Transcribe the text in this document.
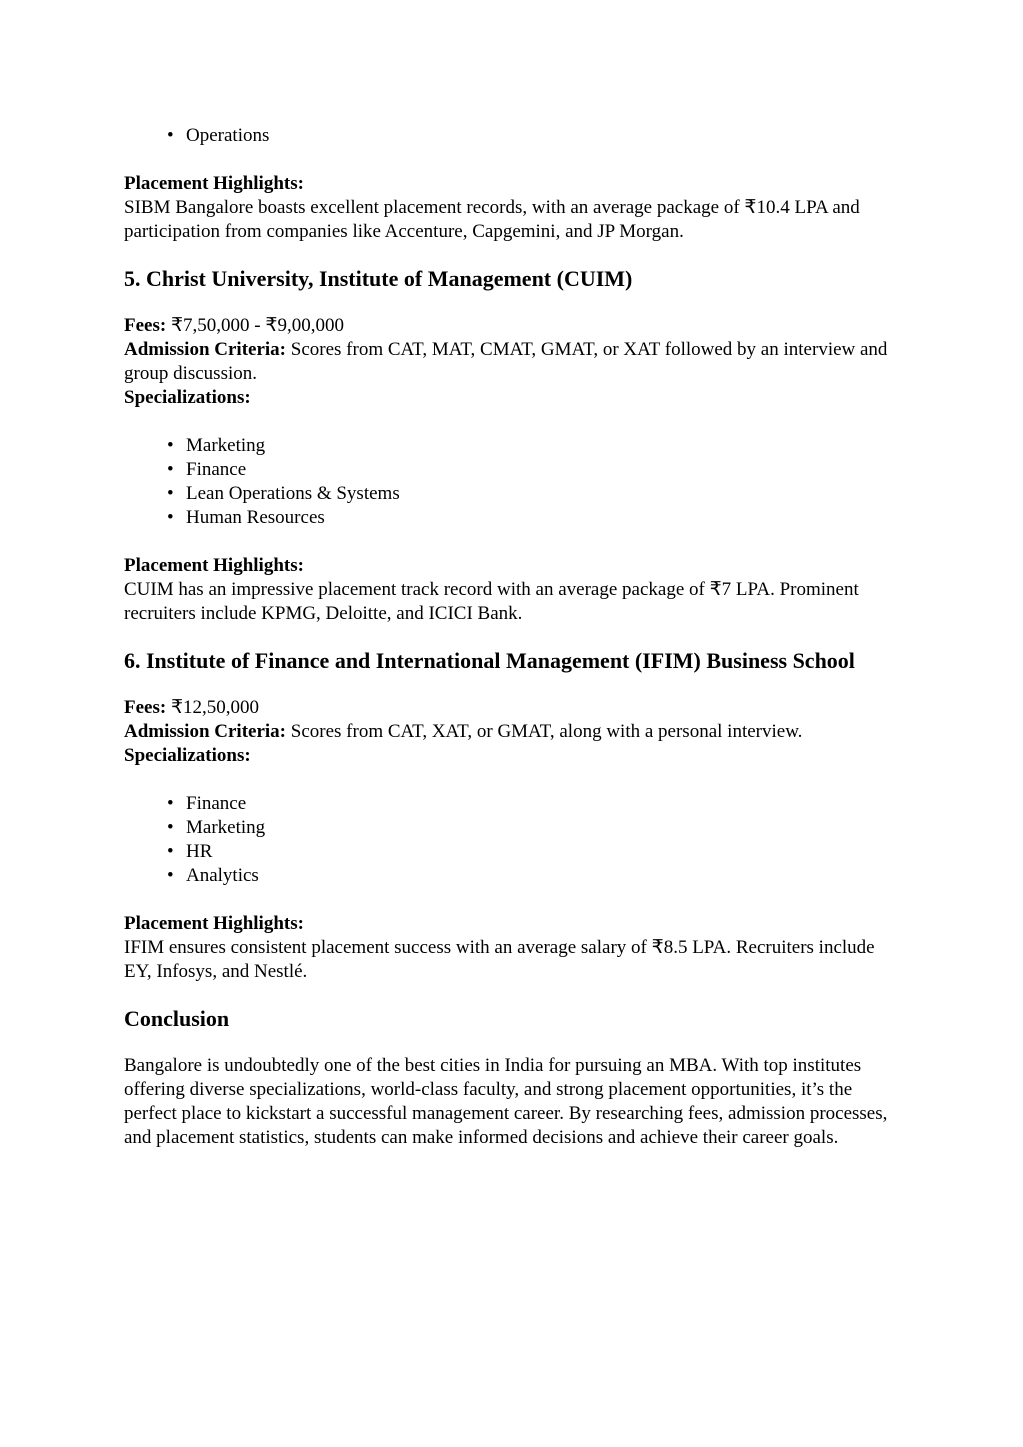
• Operations

Placement Highlights:
SIBM Bangalore boasts excellent placement records, with an average package of ₹10.4 LPA and participation from companies like Accenture, Capgemini, and JP Morgan.

5. Christ University, Institute of Management (CUIM)

Fees: ₹7,50,000 - ₹9,00,000
Admission Criteria: Scores from CAT, MAT, CMAT, GMAT, or XAT followed by an interview and group discussion.
Specializations:

• Marketing
• Finance
• Lean Operations & Systems
• Human Resources

Placement Highlights:
CUIM has an impressive placement track record with an average package of ₹7 LPA. Prominent recruiters include KPMG, Deloitte, and ICICI Bank.

6. Institute of Finance and International Management (IFIM) Business School

Fees: ₹12,50,000
Admission Criteria: Scores from CAT, XAT, or GMAT, along with a personal interview.
Specializations:

• Finance
• Marketing
• HR
• Analytics

Placement Highlights:
IFIM ensures consistent placement success with an average salary of ₹8.5 LPA. Recruiters include EY, Infosys, and Nestlé.

Conclusion

Bangalore is undoubtedly one of the best cities in India for pursuing an MBA. With top institutes offering diverse specializations, world-class faculty, and strong placement opportunities, it’s the perfect place to kickstart a successful management career. By researching fees, admission processes, and placement statistics, students can make informed decisions and achieve their career goals.
